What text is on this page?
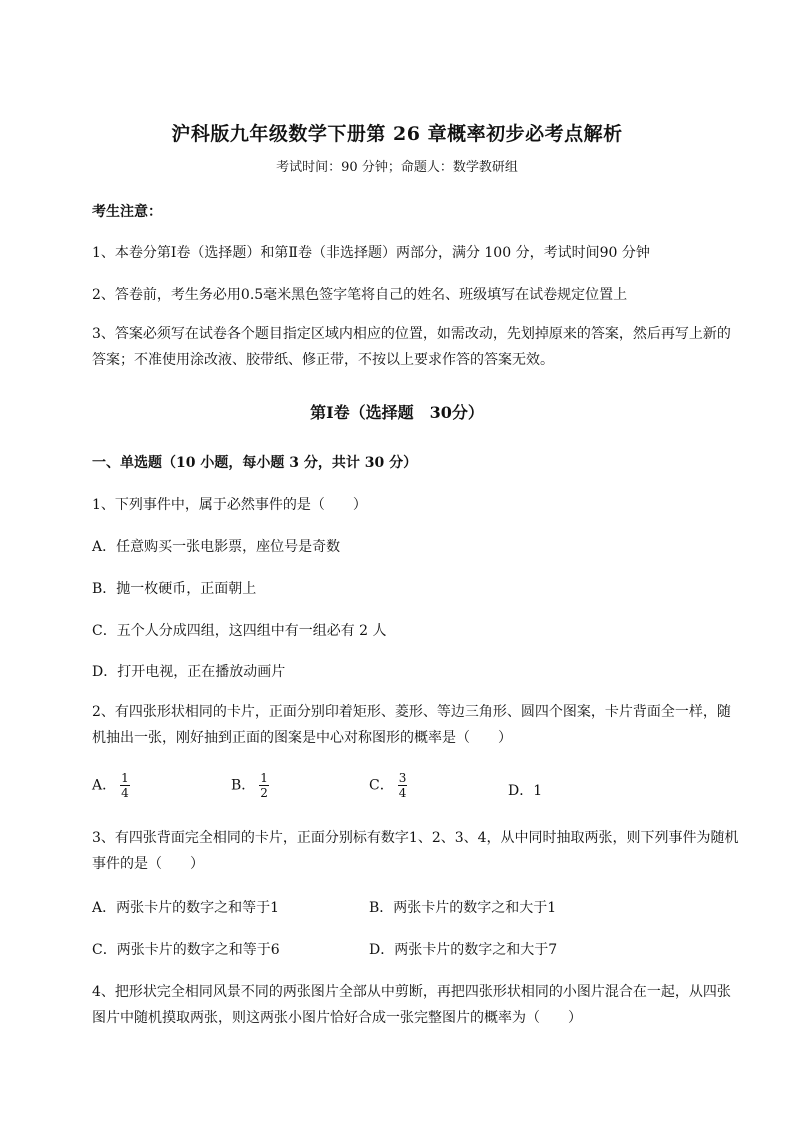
沪科版九年级数学下册第 26 章概率初步必考点解析
考试时间：90 分钟；命题人：数学教研组
考生注意：
1、本卷分第Ⅰ卷（选择题）和第Ⅱ卷（非选择题）两部分，满分 100 分，考试时间90 分钟
2、答卷前，考生务必用0.5毫米黑色签字笔将自己的姓名、班级填写在试卷规定位置上
3、答案必须写在试卷各个题目指定区域内相应的位置，如需改动，先划掉原来的答案，然后再写上新的答案；不准使用涂改液、胶带纸、修正带，不按以上要求作答的答案无效。
第Ⅰ卷（选择题　30分）
一、单选题（10 小题，每小题 3 分，共计 30 分）
1、下列事件中，属于必然事件的是（　　）
A．任意购买一张电影票，座位号是奇数
B．抛一枚硬币，正面朝上
C．五个人分成四组，这四组中有一组必有 2 人
D．打开电视，正在播放动画片
2、有四张形状相同的卡片，正面分别印着矩形、菱形、等边三角形、圆四个图案，卡片背面全一样，随机抽出一张，刚好抽到正面的图案是中心对称图形的概率是（　　）
A． $\frac{1}{4}$	B． $\frac{1}{2}$	C． $\frac{3}{4}$	D．1
3、有四张背面完全相同的卡片，正面分别标有数字1、2、3、4，从中同时抽取两张，则下列事件为随机事件的是（　　）
A．两张卡片的数字之和等于1	B．两张卡片的数字之和大于1
C．两张卡片的数字之和等于6	D．两张卡片的数字之和大于7
4、把形状完全相同风景不同的两张图片全部从中剪断，再把四张形状相同的小图片混合在一起，从四张图片中随机摸取两张，则这两张小图片恰好合成一张完整图片的概率为（　　）
